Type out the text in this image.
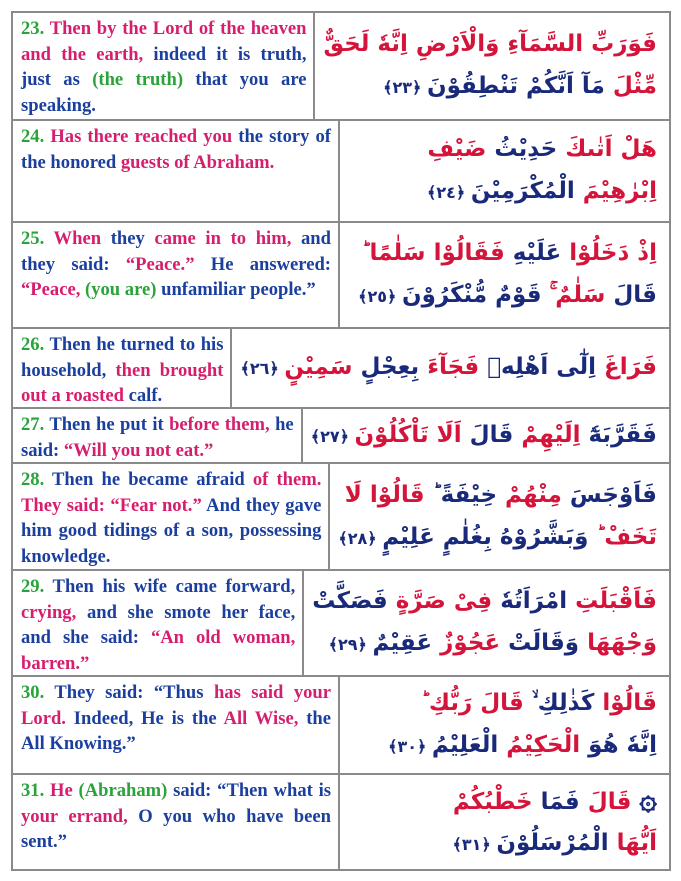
23. Then by the Lord of the heaven and the earth, indeed it is truth, just as (the truth) that you are speaking.
فَوَرَبِّ السَّمَآءِ وَالْاَرْضِ اِنَّهٗ لَحَقٌّ
مِّثْلَ مَآ اَنَّكُمْ تَنْطِقُوْنَ ﴿٢٣﴾
24. Has there reached you the story of the honored guests of Abraham.	هَلْ اَتٰىكَ حَدِيْثُ ضَيْفِ
اِبْرٰهِيْمَ الْمُكْرَمِيْنَ ﴿٢٤﴾
25. When they came in to him, and they said: “Peace.” He answered: “Peace, (you are) unfamiliar people.”
اِذْ دَخَلُوْا عَلَيْهِ فَقَالُوْا سَلٰمًا ؕ
قَالَ سَلٰمٌ ۚ قَوْمٌ مُّنْكَرُوْنَ ﴿٢٥﴾
26. Then he turned to his household, then brought out a roasted calf.
فَرَاغَ اِلٰٓى اَهْلِهٖ فَجَآءَ بِعِجْلٍ سَمِيْنٍ ﴿٢٦﴾
27. Then he put it before them, he said: “Will you not eat.”
فَقَرَّبَهٗٓ اِلَيْهِمْ قَالَ اَلَا تَاْكُلُوْنَ ﴿٢٧﴾
28. Then he became afraid of them. They said: “Fear not.” And they gave him good tidings of a son, possessing knowledge.
فَاَوْجَسَ مِنْهُمْ خِيْفَةً ؕ قَالُوْا لَا
تَخَفْ ؕ وَبَشَّرُوْهُ بِغُلٰمٍ عَلِيْمٍ ﴿٢٨﴾
29. Then his wife came forward, crying, and she smote her face, and she said: “An old woman, barren.”
فَاَقْبَلَتِ امْرَاَتُهٗ فِىْ صَرَّةٍ فَصَكَّتْ
وَجْهَهَا وَقَالَتْ عَجُوْزٌ عَقِيْمٌ ﴿٢٩﴾
30. They said: “Thus has said your Lord. Indeed, He is the All Wise, the All Knowing.”
قَالُوْا كَذٰلِكِ ۙ قَالَ رَبُّكِ ؕ
اِنَّهٗ هُوَ الْحَكِيْمُ الْعَلِيْمُ ﴿٣٠﴾
31. He (Abraham) said: “Then what is your errand, O you who have been sent.”
۞ قَالَ فَمَا خَطْبُكُمْ
اَيُّهَا الْمُرْسَلُوْنَ ﴿٣١﴾
